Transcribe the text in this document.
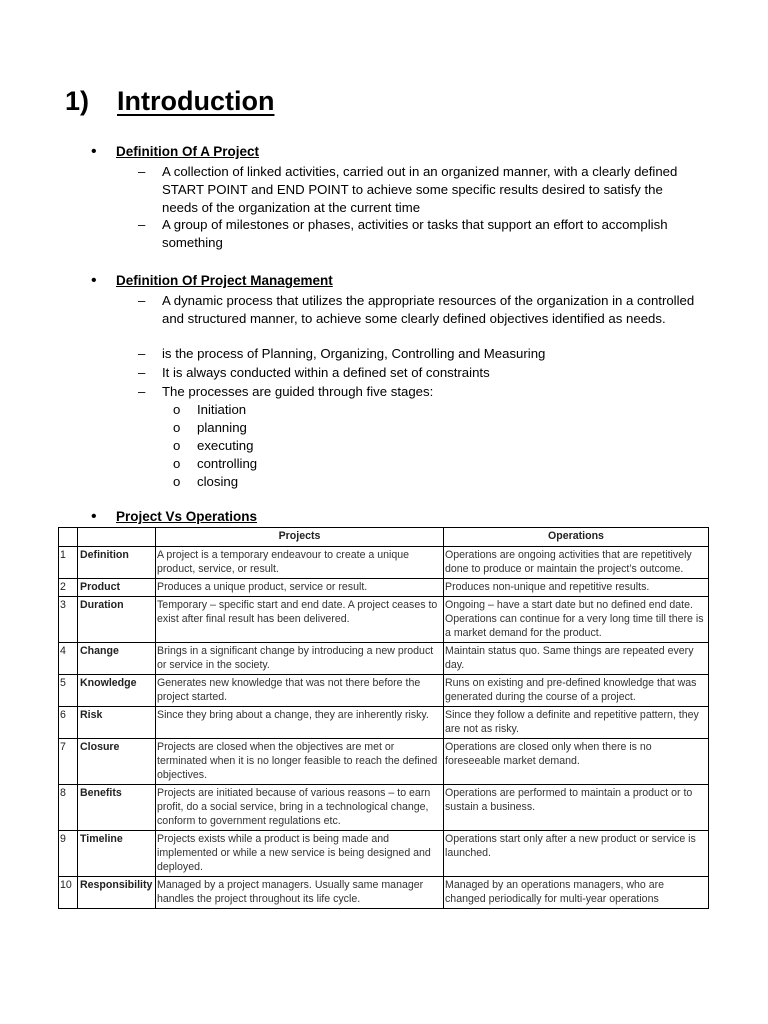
1) Introduction
• Definition Of A Project
– A collection of linked activities, carried out in an organized manner, with a clearly defined START POINT and END POINT to achieve some specific results desired to satisfy the needs of the organization at the current time
– A group of milestones or phases, activities or tasks that support an effort to accomplish something
• Definition Of Project Management
– A dynamic process that utilizes the appropriate resources of the organization in a controlled and structured manner, to achieve some clearly defined objectives identified as needs.
– is the process of Planning, Organizing, Controlling and Measuring
– It is always conducted within a defined set of constraints
– The processes are guided through five stages:
o Initiation
o planning
o executing
o controlling
o closing
• Project Vs Operations
		Projects	Operations
1	Definition	A project is a temporary endeavour to create a unique product, service, or result.	Operations are ongoing activities that are repetitively done to produce or maintain the project’s outcome.
2	Product	Produces a unique product, service or result.	Produces non-unique and repetitive results.
3	Duration	Temporary – specific start and end date. A project ceases to exist after final result has been delivered.	Ongoing – have a start date but no defined end date. Operations can continue for a very long time till there is a market demand for the product.
4	Change	Brings in a significant change by introducing a new product or service in the society.	Maintain status quo. Same things are repeated every day.
5	Knowledge	Generates new knowledge that was not there before the project started.	Runs on existing and pre-defined knowledge that was generated during the course of a project.
6	Risk	Since they bring about a change, they are inherently risky.	Since they follow a definite and repetitive pattern, they are not as risky.
7	Closure	Projects are closed when the objectives are met or terminated when it is no longer feasible to reach the defined objectives.	Operations are closed only when there is no foreseeable market demand.
8	Benefits	Projects are initiated because of various reasons – to earn profit, do a social service, bring in a technological change, conform to government regulations etc.	Operations are performed to maintain a product or to sustain a business.
9	Timeline	Projects exists while a product is being made and implemented or while a new service is being designed and deployed.	Operations start only after a new product or service is launched.
10	Responsibility	Managed by a project managers. Usually same manager handles the project throughout its life cycle.	Managed by an operations managers, who are changed periodically for multi-year operations
